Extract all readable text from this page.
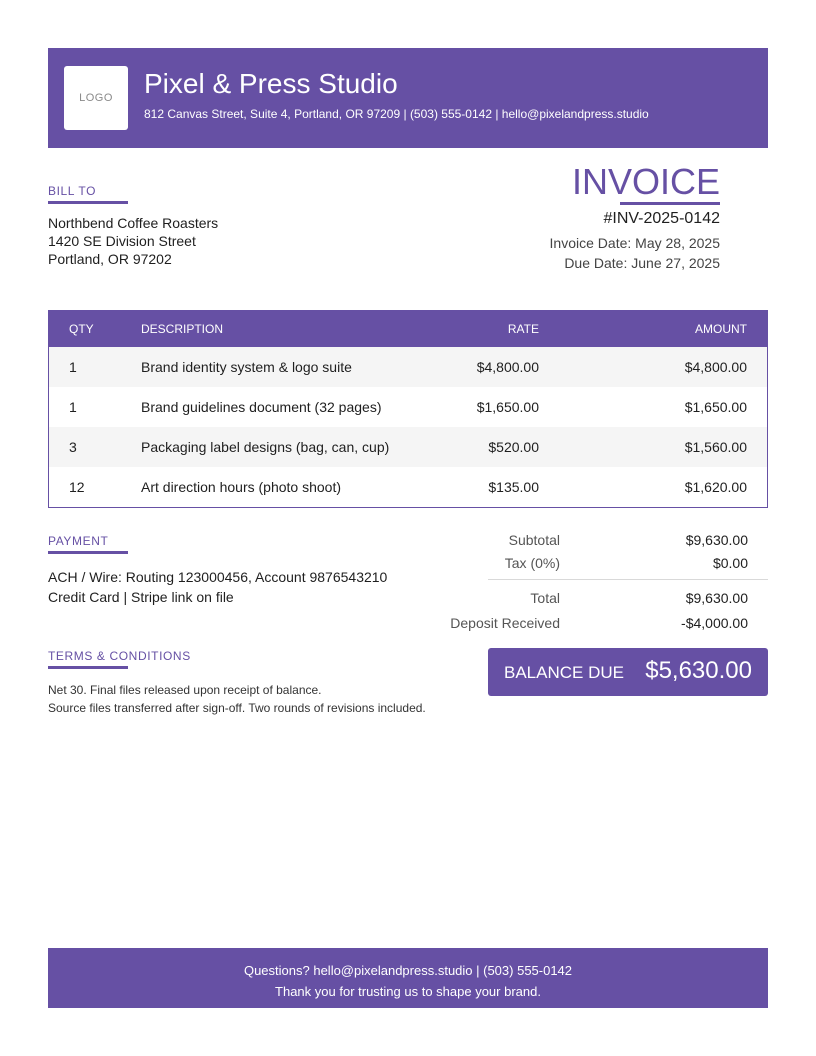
LOGO Pixel & Press Studio
812 Canvas Street, Suite 4, Portland, OR 97209 | (503) 555-0142 | hello@pixelandpress.studio
BILL TO
Northbend Coffee Roasters
1420 SE Division Street
Portland, OR 97202
INVOICE
#INV-2025-0142
Invoice Date: May 28, 2025
Due Date: June 27, 2025
QTY	DESCRIPTION	RATE	AMOUNT
1	Brand identity system & logo suite	$4,800.00	$4,800.00
1	Brand guidelines document (32 pages)	$1,650.00	$1,650.00
3	Packaging label designs (bag, can, cup)	$520.00	$1,560.00
12	Art direction hours (photo shoot)	$135.00	$1,620.00
PAYMENT
ACH / Wire: Routing 123000456, Account 9876543210
Credit Card | Stripe link on file
TERMS & CONDITIONS
Net 30. Final files released upon receipt of balance.
Source files transferred after sign-off. Two rounds of revisions included.
Subtotal	$9,630.00
Tax (0%)	$0.00
Total	$9,630.00
Deposit Received	-$4,000.00
BALANCE DUE $5,630.00
Questions? hello@pixelandpress.studio | (503) 555-0142
Thank you for trusting us to shape your brand.
